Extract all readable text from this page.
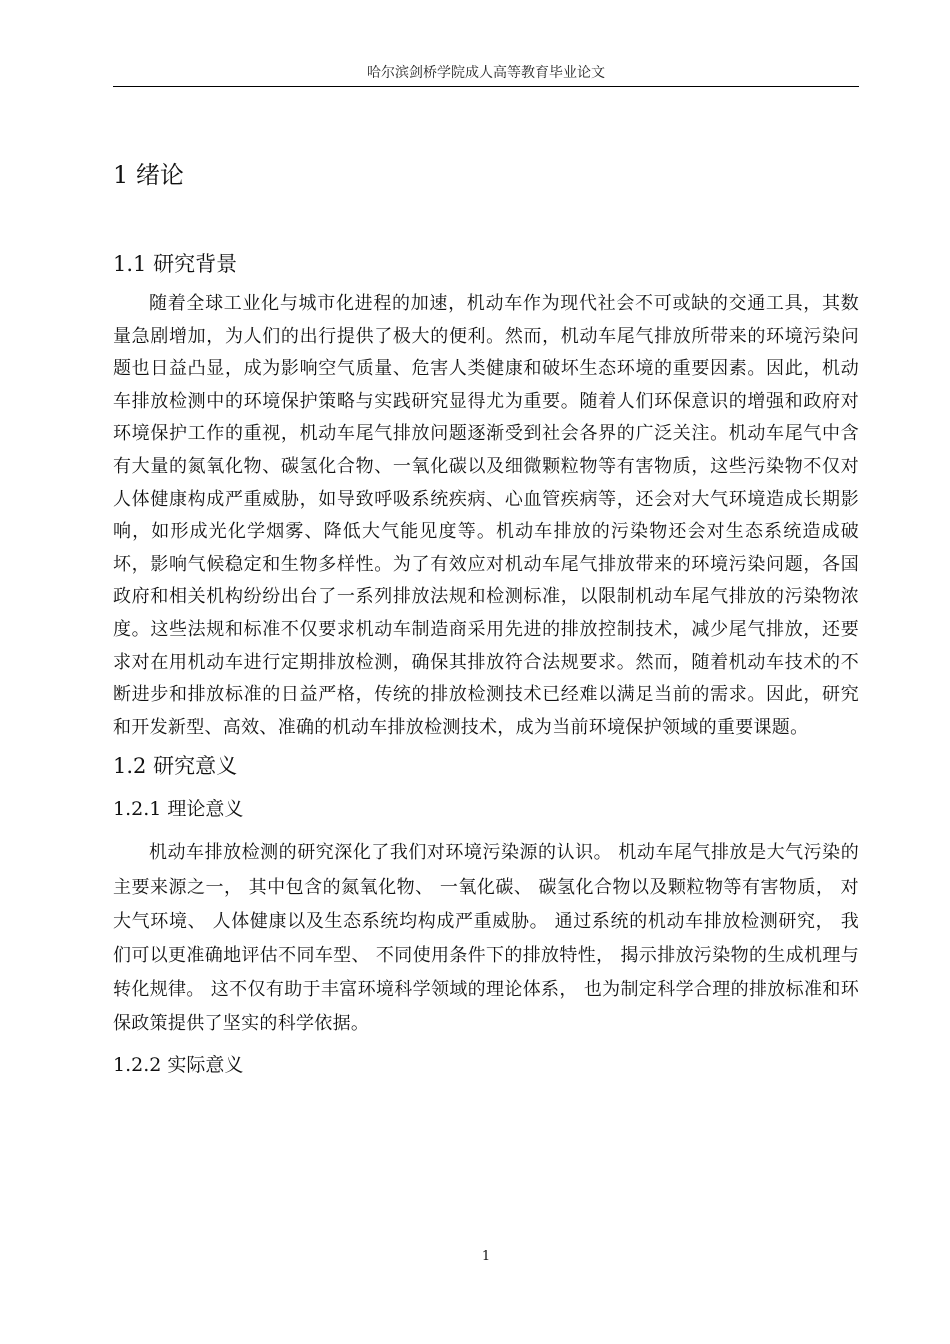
哈尔滨剑桥学院成人高等教育毕业论文
1 绪论
1.1 研究背景

随着全球工业化与城市化进程的加速，机动车作为现代社会不可或缺的交通工具，其数量急剧增加，为人们的出行提供了极大的便利。然而，机动车尾气排放所带来的环境污染问题也日益凸显，成为影响空气质量、危害人类健康和破坏生态环境的重要因素。因此，机动车排放检测中的环境保护策略与实践研究显得尤为重要。随着人们环保意识的增强和政府对环境保护工作的重视，机动车尾气排放问题逐渐受到社会各界的广泛关注。机动车尾气中含有大量的氮氧化物、碳氢化合物、一氧化碳以及细微颗粒物等有害物质，这些污染物不仅对人体健康构成严重威胁，如导致呼吸系统疾病、心血管疾病等，还会对大气环境造成长期影响，如形成光化学烟雾、降低大气能见度等。机动车排放的污染物还会对生态系统造成破坏，影响气候稳定和生物多样性。为了有效应对机动车尾气排放带来的环境污染问题，各国政府和相关机构纷纷出台了一系列排放法规和检测标准，以限制机动车尾气排放的污染物浓度。这些法规和标准不仅要求机动车制造商采用先进的排放控制技术，减少尾气排放，还要求对在用机动车进行定期排放检测，确保其排放符合法规要求。然而，随着机动车技术的不断进步和排放标准的日益严格，传统的排放检测技术已经难以满足当前的需求。因此，研究和开发新型、高效、准确的机动车排放检测技术，成为当前环境保护领域的重要课题。

1.2 研究意义
1.2.1 理论意义

机动车排放检测的研究深化了我们对环境污染源的认识。 机动车尾气排放是大气污染的主要来源之一， 其中包含的氮氧化物、 一氧化碳、 碳氢化合物以及颗粒物等有害物质， 对大气环境、 人体健康以及生态系统均构成严重威胁。 通过系统的机动车排放检测研究， 我们可以更准确地评估不同车型、 不同使用条件下的排放特性， 揭示排放污染物的生成机理与转化规律。 这不仅有助于丰富环境科学领域的理论体系， 也为制定科学合理的排放标准和环保政策提供了坚实的科学依据。

1.2.2 实际意义
1
